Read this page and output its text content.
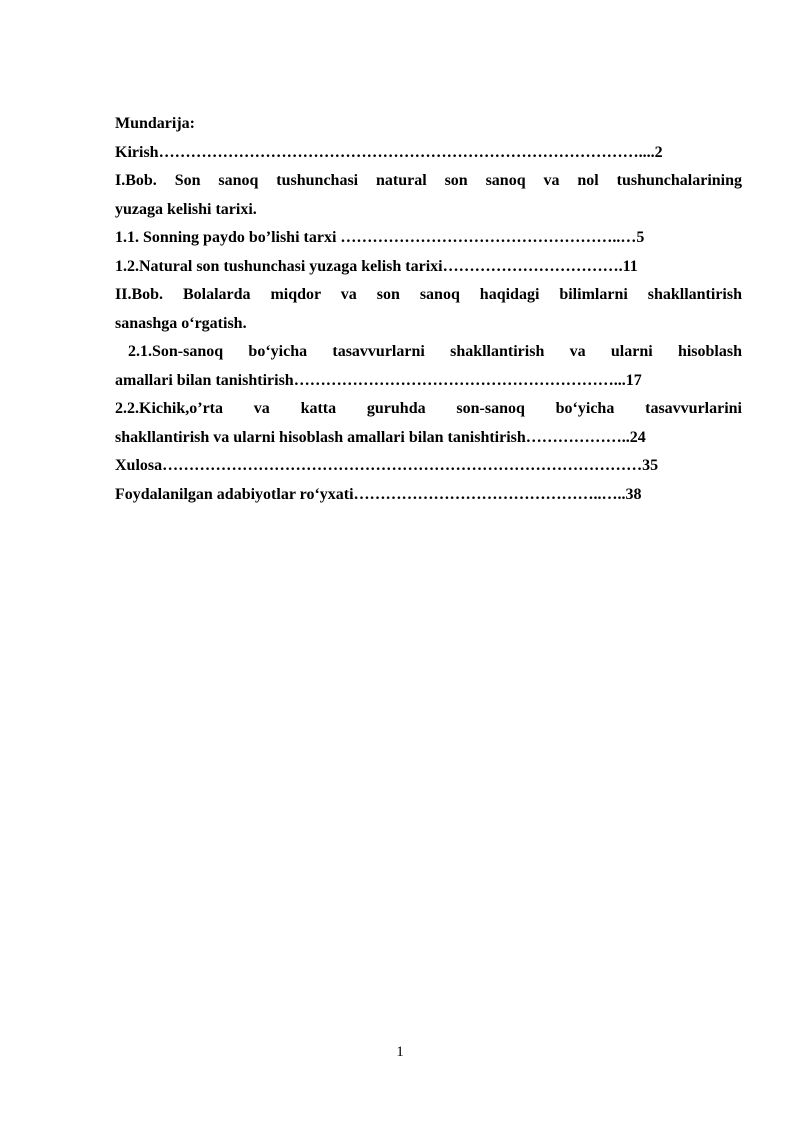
Mundarija:
Kirish………………………………………………………………………………....2
I.Bob. Son sanoq tushunchasi natural son sanoq va nol tushunchalarining
yuzaga kelishi tarixi.
1.1. Sonning paydo bo’lishi tarxi ……………………………………………..…5
1.2.Natural son tushunchasi yuzaga kelish tarixi…………………………….11
II.Bob. Bolalarda miqdor va son sanoq haqidagi bilimlarni shakllantirish
sanashga o‘rgatish.
2.1.Son-sanoq bo‘yicha tasavvurlarni shakllantirish va ularni hisoblash
amallari bilan tanishtirish……………………………………………………...17
2.2.Kichik,o’rta va katta guruhda son-sanoq bo‘yicha tasavvurlarini
shakllantirish va ularni hisoblash amallari bilan tanishtirish………………..24
Xulosa………………………………………………………………………………35
Foydalanilgan adabiyotlar ro‘yxati………………………………………..…..38
1
